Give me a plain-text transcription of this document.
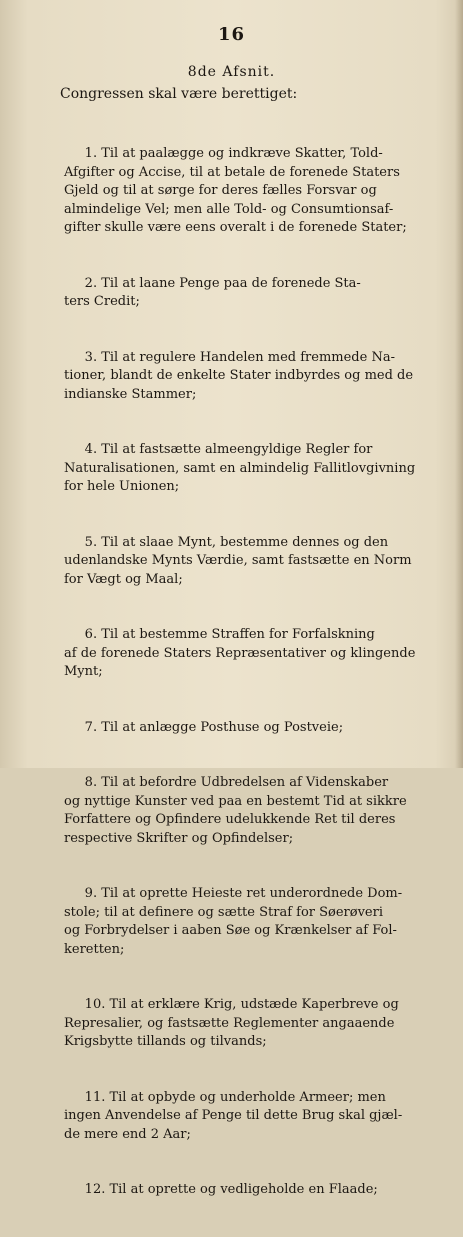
16
8de Afsnit.
Congressen skal være berettiget:

1. Til at paalægge og indkræve Skatter, Told-
Afgifter og Accise, til at betale de forenede Staters
Gjeld og til at sørge for deres fælles Forsvar og
almindelige Vel; men alle Told- og Consumtionsaf-
gifter skulle være eens overalt i de forenede Stater;

2. Til at laane Penge paa de forenede Sta-
ters Credit;

3. Til at regulere Handelen med fremmede Na-
tioner, blandt de enkelte Stater indbyrdes og med de
indianske Stammer;

4. Til at fastsætte almeengyldige Regler for
Naturalisationen, samt en almindelig Fallitlovgivning
for hele Unionen;

5. Til at slaae Mynt, bestemme dennes og den
udenlandske Mynts Værdie, samt fastsætte en Norm
for Vægt og Maal;

6. Til at bestemme Straffen for Forfalskning
af de forenede Staters Repræsentativer og klingende
Mynt;

7. Til at anlægge Posthuse og Postveie;

8. Til at befordre Udbredelsen af Videnskaber
og nyttige Kunster ved paa en bestemt Tid at sikkre
Forfattere og Opfindere udelukkende Ret til deres
respective Skrifter og Opfindelser;

9. Til at oprette Heieste ret underordnede Dom-
stole; til at definere og sætte Straf for Søerøveri
og Forbrydelser i aaben Søe og Krænkelser af Fol-
keretten;

10. Til at erklære Krig, udstæde Kaperbreve og
Represalier, og fastsætte Reglementer angaaende
Krigsbytte tillands og tilvands;

11. Til at opbyde og underholde Armeer; men
ingen Anvendelse af Penge til dette Brug skal gjæl-
de mere end 2 Aar;

12. Til at oprette og vedligeholde en Flaade;
